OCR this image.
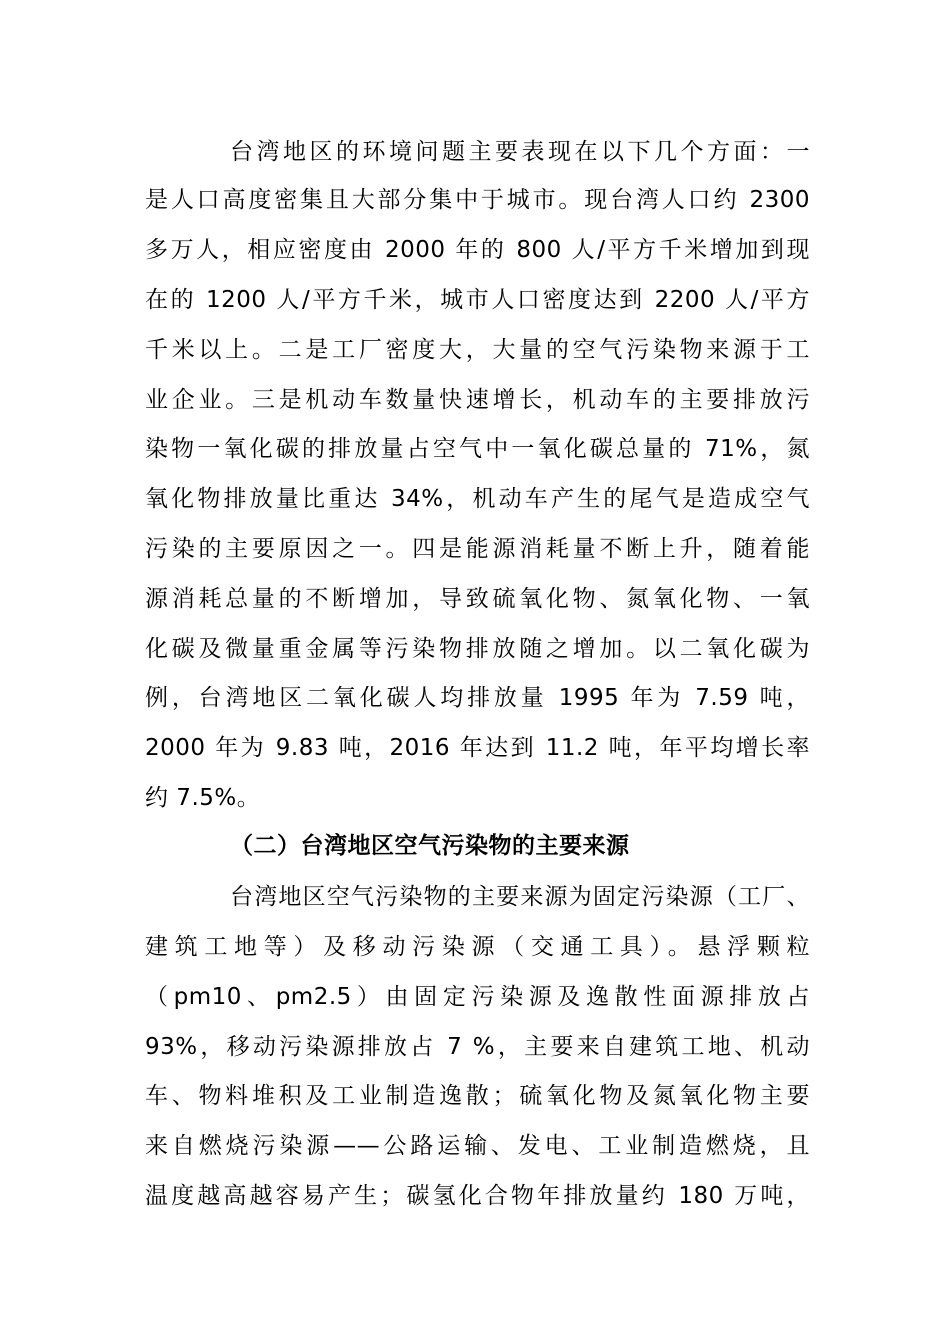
台湾地区的环境问题主要表现在以下几个方面：一
是人口高度密集且大部分集中于城市。现台湾人口约 2300
多万人，相应密度由 2000 年的 800 人/平方千米增加到现
在的 1200 人/平方千米，城市人口密度达到 2200 人/平方
千米以上。二是工厂密度大，大量的空气污染物来源于工
业企业。三是机动车数量快速增长，机动车的主要排放污
染物一氧化碳的排放量占空气中一氧化碳总量的 71%，氮
氧化物排放量比重达 34%，机动车产生的尾气是造成空气
污染的主要原因之一。四是能源消耗量不断上升，随着能
源消耗总量的不断增加，导致硫氧化物、氮氧化物、一氧
化碳及微量重金属等污染物排放随之增加。以二氧化碳为
例，台湾地区二氧化碳人均排放量 1995 年为 7.59 吨，
2000 年为 9.83 吨，2016 年达到 11.2 吨，年平均增长率
约 7.5%。
（二）台湾地区空气污染物的主要来源
台湾地区空气污染物的主要来源为固定污染源（工厂、
建筑工地等）及移动污染源（交通工具）。悬浮颗粒
（pm10、pm2.5）由固定污染源及逸散性面源排放占
93%，移动污染源排放占 7 %，主要来自建筑工地、机动
车、物料堆积及工业制造逸散；硫氧化物及氮氧化物主要
来自燃烧污染源——公路运输、发电、工业制造燃烧，且
温度越高越容易产生；碳氢化合物年排放量约 180 万吨，
